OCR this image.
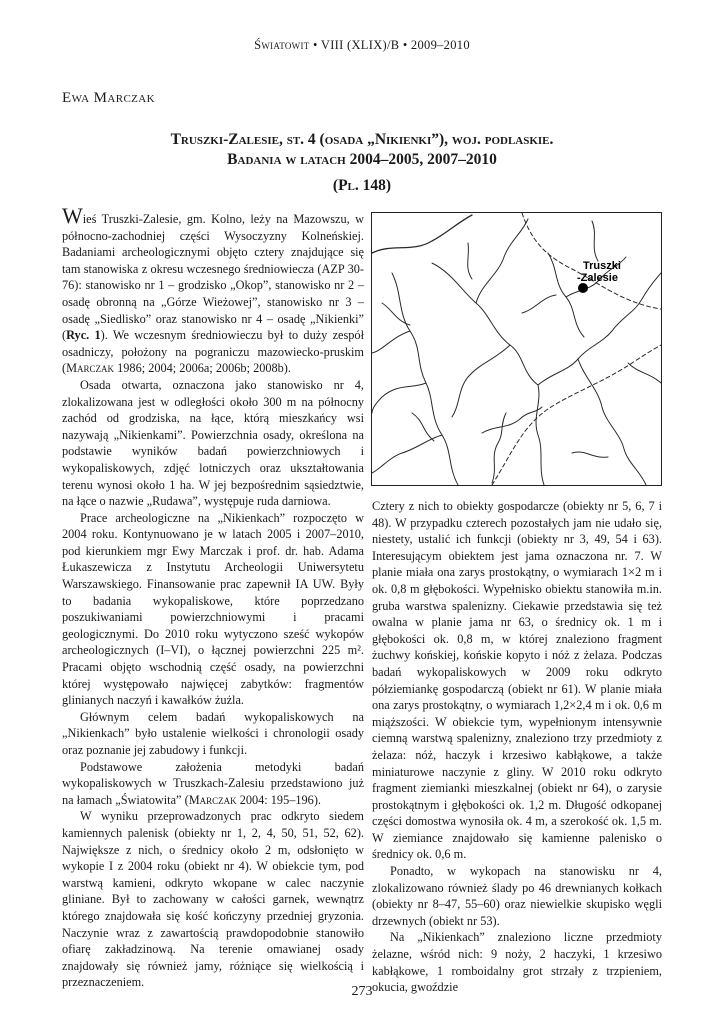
Światowit • VIII (XLIX)/B • 2009–2010
Ewa Marczak
Truszki-Zalesie, st. 4 (osada „Nikienki”), woj. podlaskie.
Badania w latach 2004–2005, 2007–2010
(Pl. 148)

Wieś Truszki-Zalesie, gm. Kolno, leży na Mazowszu, w północno-zachodniej części Wysoczyzny Kolneńskiej. Badaniami archeologicznymi objęto cztery znajdujące się tam stanowiska z okresu wczesnego średniowiecza (AZP 30-76): stanowisko nr 1 – grodzisko „Okop”, stanowisko nr 2 – osadę obronną na „Górze Wieżowej”, stanowisko nr 3 – osadę „Siedlisko” oraz stanowisko nr 4 – osadę „Nikienki” (Ryc. 1). We wczesnym średniowieczu był to duży zespół osadniczy, położony na pograniczu mazowiecko-pruskim (Marczak 1986; 2004; 2006a; 2006b; 2008b).

Osada otwarta, oznaczona jako stanowisko nr 4, zlokalizowana jest w odległości około 300 m na północny zachód od grodziska, na łące, którą mieszkańcy wsi nazywają „Nikienkami”. Powierzchnia osady, określona na podstawie wyników badań powierzchniowych i wykopaliskowych, zdjęć lotniczych oraz ukształtowania terenu wynosi około 1 ha. W jej bezpośrednim sąsiedztwie, na łące o nazwie „Rudawa”, występuje ruda darniowa.

Prace archeologiczne na „Nikienkach” rozpoczęto w 2004 roku. Kontynuowano je w latach 2005 i 2007–2010, pod kierunkiem mgr Ewy Marczak i prof. dr. hab. Adama Łukaszewicza z Instytutu Archeologii Uniwersytetu Warszawskiego. Finansowanie prac zapewnił IA UW. Były to badania wykopaliskowe, które poprzedzano poszukiwaniami powierzchniowymi i pracami geologicznymi. Do 2010 roku wytyczono sześć wykopów archeologicznych (I–VI), o łącznej powierzchni 225 m². Pracami objęto wschodnią część osady, na powierzchni której występowało najwięcej zabytków: fragmentów glinianych naczyń i kawałków żużla.

Głównym celem badań wykopaliskowych na „Nikienkach” było ustalenie wielkości i chronologii osady oraz poznanie jej zabudowy i funkcji.

Podstawowe założenia metodyki badań wykopaliskowych w Truszkach-Zalesiu przedstawiono już na łamach „Światowita” (Marczak 2004: 195–196).

W wyniku przeprowadzonych prac odkryto siedem kamiennych palenisk (obiekty nr 1, 2, 4, 50, 51, 52, 62). Największe z nich, o średnicy około 2 m, odsłonięto w wykopie I z 2004 roku (obiekt nr 4). W obiekcie tym, pod warstwą kamieni, odkryto wkopane w calec naczynie gliniane. Był to zachowany w całości garnek, wewnątrz którego znajdowała się kość kończyny przedniej gryzonia. Naczynie wraz z zawartością prawdopodobnie stanowiło ofiarę zakładzinową. Na terenie omawianej osady znajdowały się również jamy, różniące się wielkością i przeznaczeniem.

Truszki
-Zalesie

Cztery z nich to obiekty gospodarcze (obiekty nr 5, 6, 7 i 48). W przypadku czterech pozostałych jam nie udało się, niestety, ustalić ich funkcji (obiekty nr 3, 49, 54 i 63). Interesującym obiektem jest jama oznaczona nr. 7. W planie miała ona zarys prostokątny, o wymiarach 1×2 m i ok. 0,8 m głębokości. Wypełnisko obiektu stanowiła m.in. gruba warstwa spalenizny. Ciekawie przedstawia się też owalna w planie jama nr 63, o średnicy ok. 1 m i głębokości ok. 0,8 m, w której znaleziono fragment żuchwy końskiej, końskie kopyto i nóż z żelaza. Podczas badań wykopaliskowych w 2009 roku odkryto półziemiankę gospodarczą (obiekt nr 61). W planie miała ona zarys prostokątny, o wymiarach 1,2×2,4 m i ok. 0,6 m miąższości. W obiekcie tym, wypełnionym intensywnie ciemną warstwą spalenizny, znaleziono trzy przedmioty z żelaza: nóż, haczyk i krzesiwo kabłąkowe, a także miniaturowe naczynie z gliny. W 2010 roku odkryto fragment ziemianki mieszkalnej (obiekt nr 64), o zarysie prostokątnym i głębokości ok. 1,2 m. Długość odkopanej części domostwa wynosiła ok. 4 m, a szerokość ok. 1,5 m. W ziemiance znajdowało się kamienne palenisko o średnicy ok. 0,6 m.

Ponadto, w wykopach na stanowisku nr 4, zlokalizowano również ślady po 46 drewnianych kołkach (obiekty nr 8–47, 55–60) oraz niewielkie skupisko węgli drzewnych (obiekt nr 53).

Na „Nikienkach” znaleziono liczne przedmioty żelazne, wśród nich: 9 noży, 2 haczyki, 1 krzesiwo kabłąkowe, 1 romboidalny grot strzały z trzpieniem, okucia, gwoździe

273
